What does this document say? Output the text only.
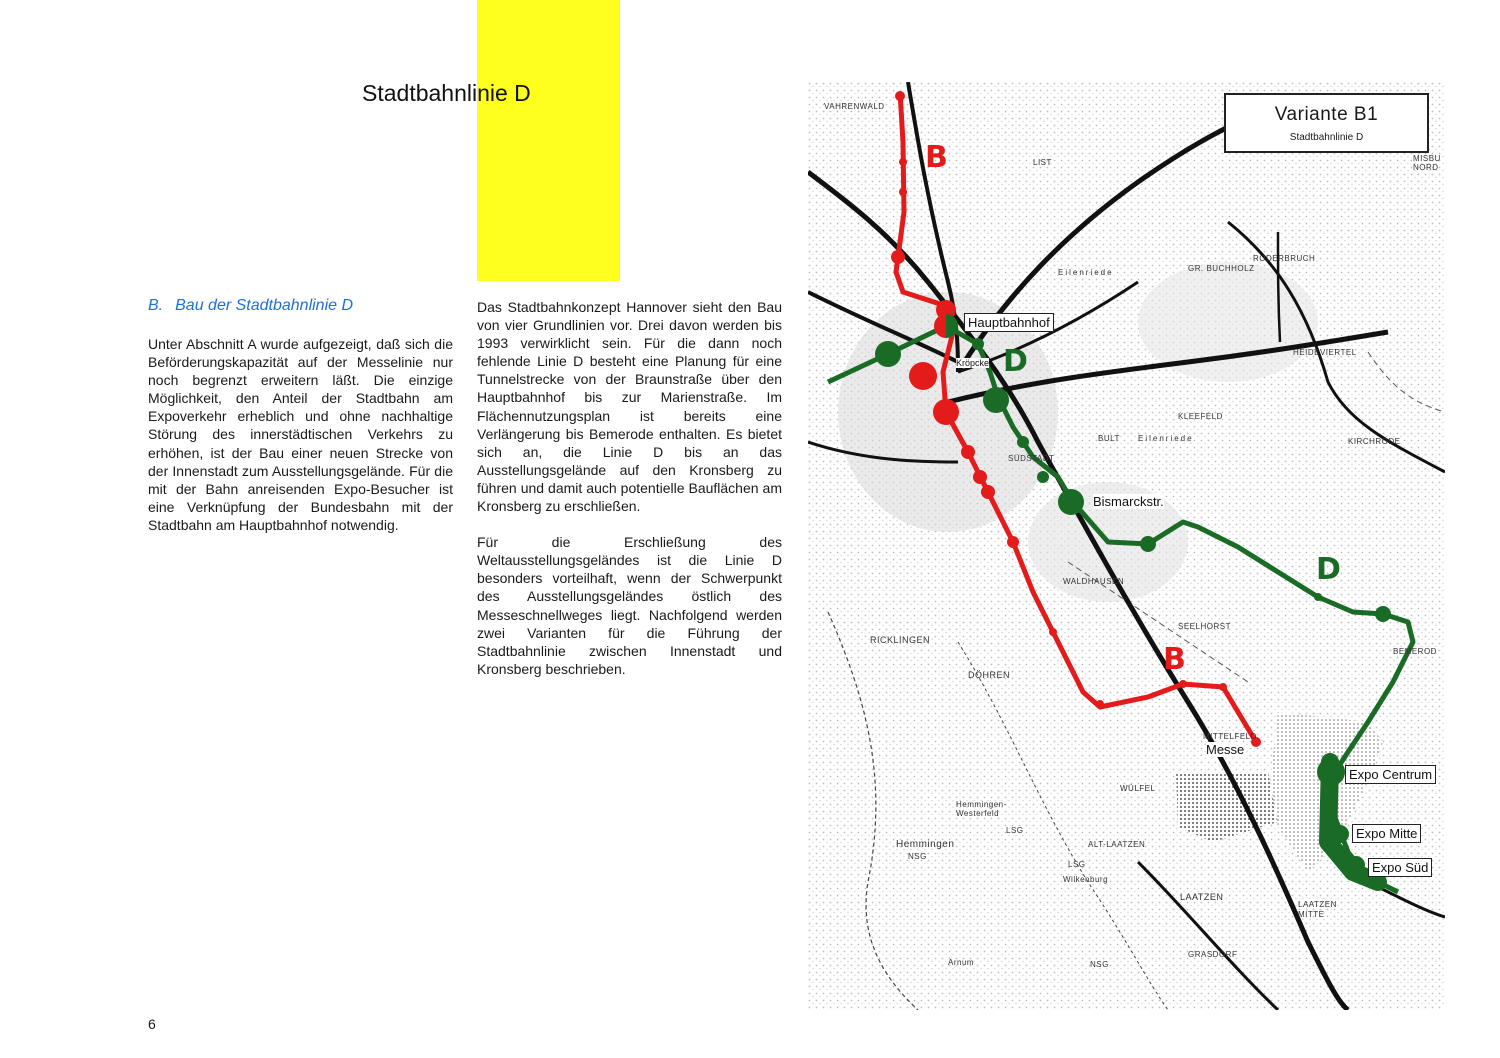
Stadtbahnlinie D
B. Bau der Stadtbahnlinie D

Unter Abschnitt A wurde aufgezeigt, daß sich die Beförderungskapazität auf der Messelinie nur noch begrenzt erweitern läßt. Die einzige Möglichkeit, den Anteil der Stadtbahn am Expoverkehr erheblich und ohne nachhaltige Störung des innerstädtischen Verkehrs zu erhöhen, ist der Bau einer neuen Strecke von der Innenstadt zum Ausstellungsgelände. Für die mit der Bahn anreisenden Expo-Besucher ist eine Verknüpfung der Bundesbahn mit der Stadtbahn am Hauptbahnhof notwendig.

Das Stadtbahnkonzept Hannover sieht den Bau von vier Grundlinien vor. Drei davon werden bis 1993 verwirklicht sein. Für die dann noch fehlende Linie D besteht eine Planung für eine Tunnelstrecke von der Braunstraße über den Hauptbahnhof bis zur Marienstraße. Im Flächennutzungsplan ist bereits eine Verlängerung bis Bemerode enthalten. Es bietet sich an, die Linie D bis an das Ausstellungsgelände auf den Kronsberg zu führen und damit auch potentielle Bauflächen am Kronsberg zu erschließen.

Für die Erschließung des Weltausstellungsgeländes ist die Linie D besonders vorteilhaft, wenn der Schwerpunkt des Ausstellungsgeländes östlich des Messeschnellweges liegt. Nachfolgend werden zwei Varianten für die Führung der Stadtbahnlinie zwischen Innenstadt und Kronsberg beschrieben.

6
VAHRENWALD
LIST	MISBU NORD
Eilenriede	GR. BUCHHOLZ
RODERBRUCH
HEIDEVIERTEL
KLEEFELD
BULT Eilenriede	KIRCHRODE
SÜDSTADT
SEELHORST
BEMEROD
WALDHAUSEN
RICKLINGEN
DÖHREN
MITTELFELD
WÜLFEL
Hemmingen-Westerfeld
LSG
Hemmingen
NSG
ALT-LAATZEN
LSG
Wilkenburg
LAATZEN
LAATZEN MITTE
GRASDORF
Arnum	NSG
B
D
D
B
Hauptbahnhof
Kröpcke
Bismarckstr.
Messe
Expo Centrum
Expo Mitte
Expo Süd
Variante B1
Stadtbahnlinie D
